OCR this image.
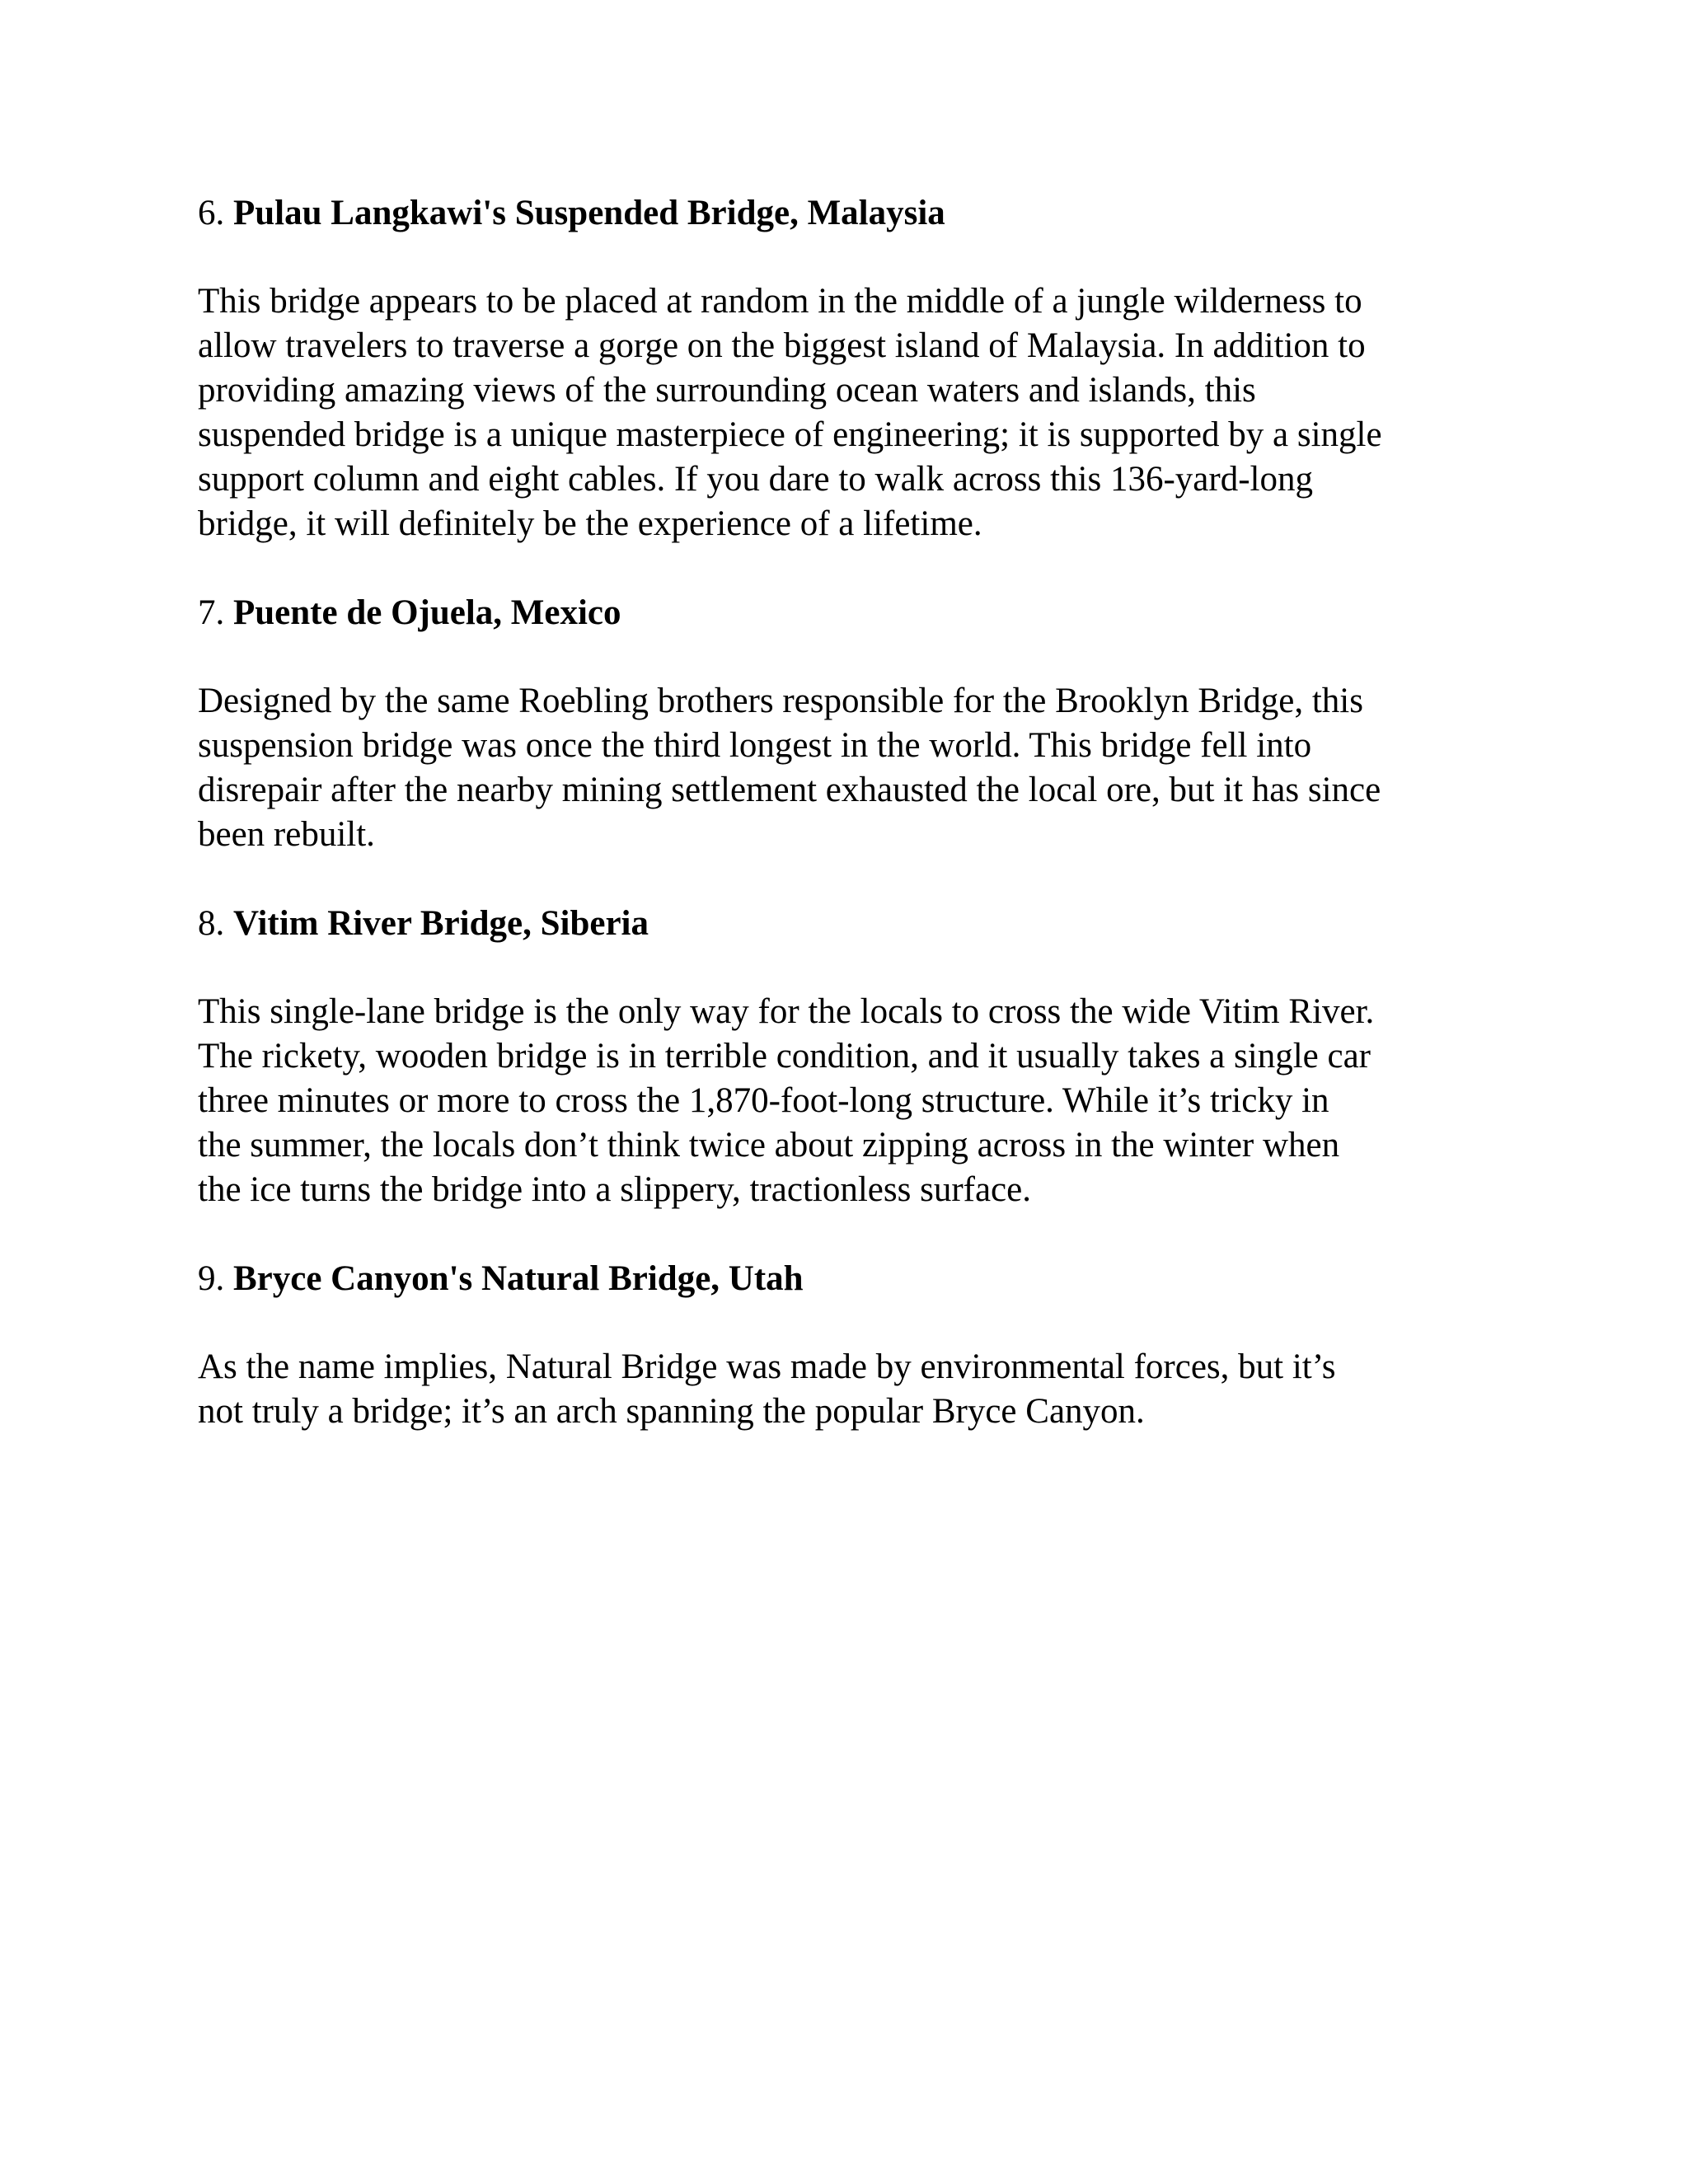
6. Pulau Langkawi's Suspended Bridge, Malaysia

This bridge appears to be placed at random in the middle of a jungle wilderness to
allow travelers to traverse a gorge on the biggest island of Malaysia. In addition to
providing amazing views of the surrounding ocean waters and islands, this
suspended bridge is a unique masterpiece of engineering; it is supported by a single
support column and eight cables. If you dare to walk across this 136-yard-long
bridge, it will definitely be the experience of a lifetime.

7. Puente de Ojuela, Mexico

Designed by the same Roebling brothers responsible for the Brooklyn Bridge, this
suspension bridge was once the third longest in the world. This bridge fell into
disrepair after the nearby mining settlement exhausted the local ore, but it has since
been rebuilt.

8. Vitim River Bridge, Siberia

This single-lane bridge is the only way for the locals to cross the wide Vitim River.
The rickety, wooden bridge is in terrible condition, and it usually takes a single car
three minutes or more to cross the 1,870-foot-long structure. While it’s tricky in
the summer, the locals don’t think twice about zipping across in the winter when
the ice turns the bridge into a slippery, tractionless surface.

9. Bryce Canyon's Natural Bridge, Utah

As the name implies, Natural Bridge was made by environmental forces, but it’s
not truly a bridge; it’s an arch spanning the popular Bryce Canyon.
